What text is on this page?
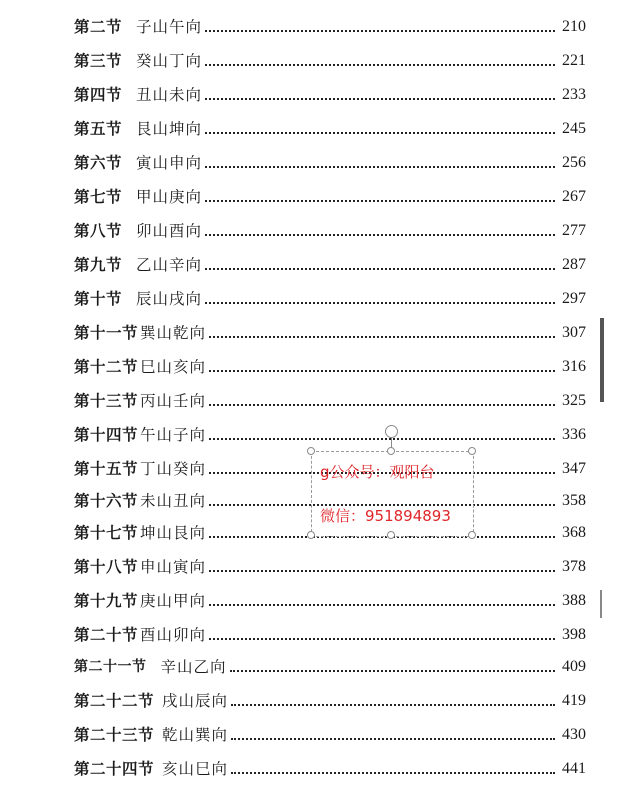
第二节 子山午向	210
第三节 癸山丁向	221
第四节 丑山未向	233
第五节 艮山坤向	245
第六节 寅山申向	256
第七节 甲山庚向	267
第八节 卯山酉向	277
第九节 乙山辛向	287
第十节 辰山戌向	297
第十一节 巽山乾向	307
第十二节 巳山亥向	316
第十三节 丙山壬向	325
第十四节 午山子向	336
第十五节 丁山癸向	347
第十六节 未山丑向	358
第十七节 坤山艮向	368
第十八节 申山寅向	378
第十九节 庚山甲向	388
第二十节 酉山卯向	398
第二十一节 辛山乙向	409
第二十二节 戌山辰向	419
第二十三节 乾山巽向	430
第二十四节 亥山巳向	441
g公众号：观阳台
微信：951894893
